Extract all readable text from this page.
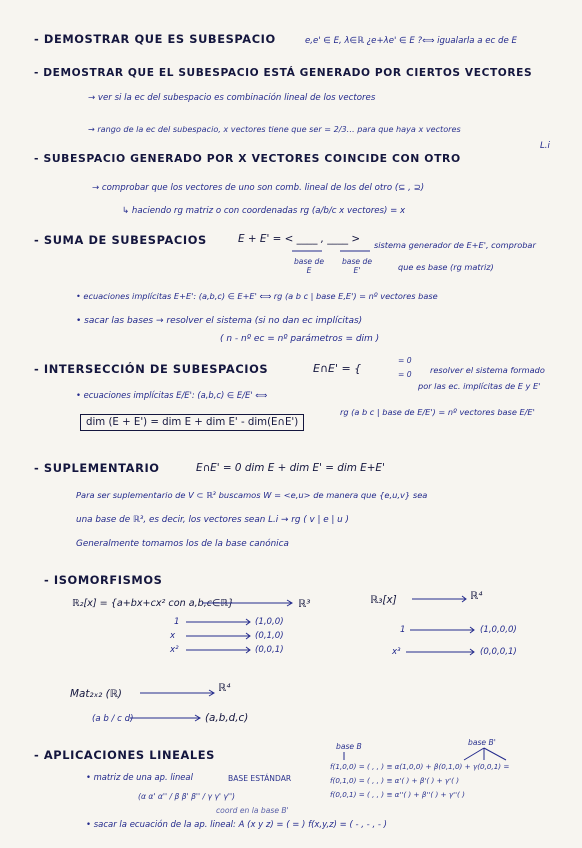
- DEMOSTRAR QUE ES SUBESPACIO	e,e' ∈ E, λ∈ℝ ¿e+λe' ∈ E ?⟺ igualarla a ec de E
- DEMOSTRAR QUE EL SUBESPACIO ESTÁ GENERADO POR CIERTOS VECTORES
→ ver si la ec del subespacio es combinación lineal de los vectores
→ rango de la ec del subespacio, x vectores tiene que ser = 2/3… para que haya x vectores
L.i
- SUBESPACIO GENERADO POR X VECTORES COINCIDE CON OTRO
→ comprobar que los vectores de uno son comb. lineal de los del otro (⊆ , ⊇)
↳ haciendo rg matriz o con coordenadas rg (a/b/c x vectores) = x
- SUMA DE SUBESPACIOS	E + E' = < ____ , ____ >
base de E
base de E'
sistema generador de E+E', comprobar
que es base (rg matriz)
• ecuaciones implícitas E+E': (a,b,c) ∈ E+E' ⟺ rg (a b c | base E,E') = nº vectores base
• sacar las bases → resolver el sistema (si no dan ec implícitas)
( n - nº ec = nº parámetros = dim )
- INTERSECCIÓN DE SUBESPACIOS	E∩E' = {
= 0
= 0 resolver el sistema formado
por las ec. implícitas de E y E'
• ecuaciones implícitas E/E': (a,b,c) ∈ E/E' ⟺
rg (a b c | base de E/E') = nº vectores base E/E'
dim (E + E') = dim E + dim E' - dim(E∩E')
- SUPLEMENTARIO	E∩E' = 0 dim E + dim E' = dim E+E'
Para ser suplementario de V ⊂ ℝ³ buscamos W = <e,u> de manera que {e,u,v} sea
una base de ℝ³, es decir, los vectores sean L.i → rg ( v | e | u )
Generalmente tomamos los de la base canónica
- ISOMORFISMOS
ℝ₂[x] = {a+bx+cx² con a,b,c∈ℝ}	ℝ³
1	(1,0,0)
x	(0,1,0)
x²	(0,0,1)
ℝ₃[x]	ℝ⁴
1	(1,0,0,0)
x³	(0,0,0,1)
Mat₂ₓ₂ (ℝ)	ℝ⁴
(a b / c d)	(a,b,d,c)
- APLICACIONES LINEALES
base B	base B'
• matriz de una ap. lineal	BASE ESTÁNDAR
(α α' α'' / β β' β'' / γ γ' γ'')
coord en la base B'
f(1,0,0) = ( , , ) ≡ α(1,0,0) + β(0,1,0) + γ(0,0,1) =
f(0,1,0) = ( , , ) ≡ α'( ) + β'( ) + γ'( )
f(0,0,1) = ( , , ) ≡ α''( ) + β''( ) + γ''( )
• sacar la ecuación de la ap. lineal: A (x y z) = ( = ) f(x,y,z) = ( - , - , - )
